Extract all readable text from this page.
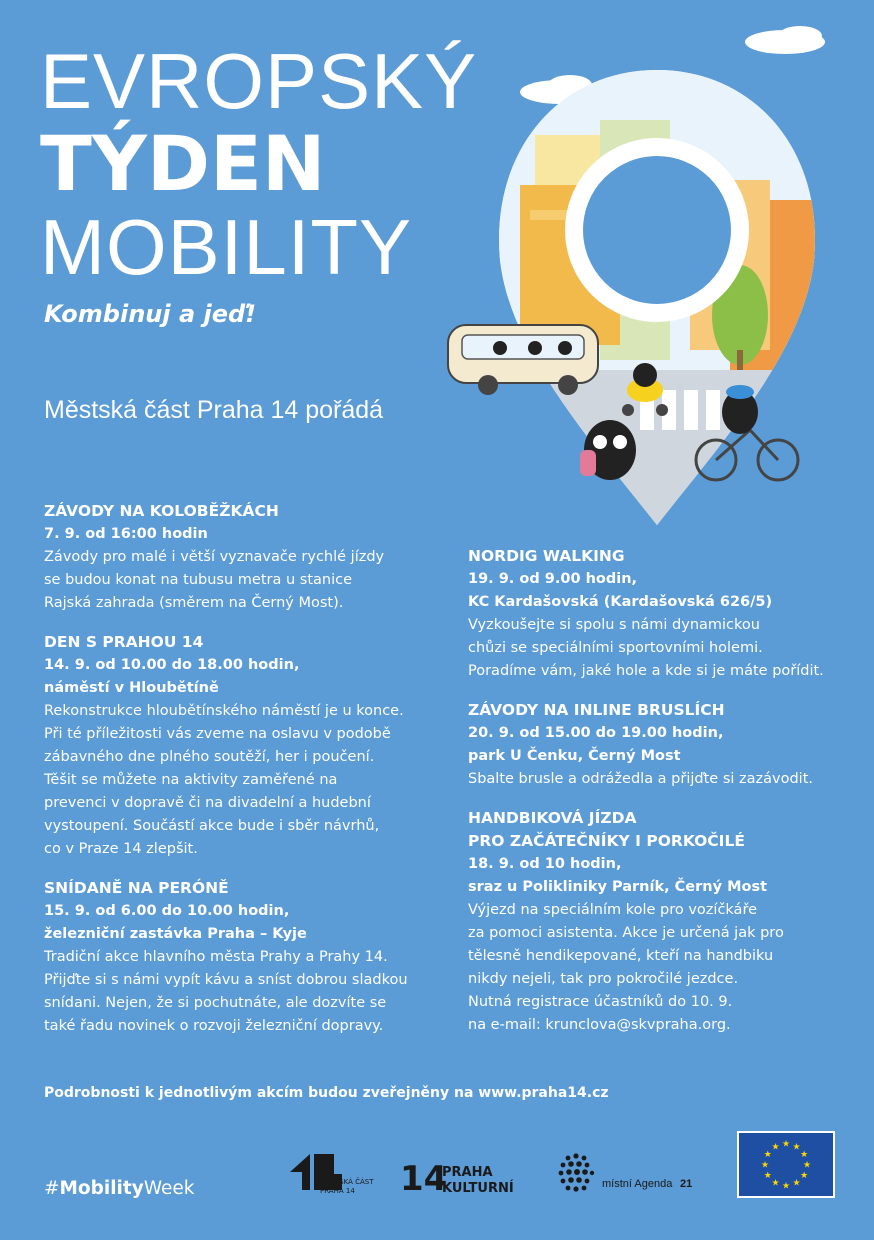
EVROPSKÝ
TÝDEN
MOBILITY
Kombinuj a jeď!
Městská část Praha 14 pořádá
ZÁVODY NA KOLOBĚŽKÁCH
7. 9. od 16:00 hodin
Závody pro malé i větší vyznavače rychlé jízdy
se budou konat na tubusu metra u stanice
Rajská zahrada (směrem na Černý Most).
DEN S PRAHOU 14
14. 9. od 10.00 do 18.00 hodin,
náměstí v Hloubětíně
Rekonstrukce hloubětínského náměstí je u konce.
Při té příležitosti vás zveme na oslavu v podobě
zábavného dne plného soutěží, her i poučení.
Těšit se můžete na aktivity zaměřené na
prevenci v dopravě či na divadelní a hudební
vystoupení. Součástí akce bude i sběr návrhů,
co v Praze 14 zlepšit.
SNÍDANĚ NA PERÓNĚ
15. 9. od 6.00 do 10.00 hodin,
železniční zastávka Praha – Kyje
Tradiční akce hlavního města Prahy a Prahy 14.
Přijďte si s námi vypít kávu a sníst dobrou sladkou
snídani. Nejen, že si pochutnáte, ale dozvíte se
také řadu novinek o rozvoji železniční dopravy.
NORDIG WALKING
19. 9. od 9.00 hodin,
KC Kardašovská (Kardašovská 626/5)
Vyzkoušejte si spolu s námi dynamickou
chůzi se speciálními sportovními holemi.
Poradíme vám, jaké hole a kde si je máte pořídit.
ZÁVODY NA INLINE BRUSLÍCH
20. 9. od 15.00 do 19.00 hodin,
park U Čenku, Černý Most
Sbalte brusle a odrážedla a přijďte si zazávodit.
HANDBIKOVÁ JÍZDA
PRO ZAČÁTEČNÍKY I PORKOČILÉ
18. 9. od 10 hodin,
sraz u Polikliniky Parník, Černý Most
Výjezd na speciálním kole pro vozíčkáře
za pomoci asistenta. Akce je určená jak pro
tělesně hendikepované, kteří na handbiku
nikdy nejeli, tak pro pokročilé jezdce.
Nutná registrace účastníků do 10. 9.
na e-mail: krunclova@skvpraha.org.
Podrobnosti k jednotlivým akcím budou zveřejněny na www.praha14.cz
#MobilityWeek	MĚSTSKÁ ČÁST
PRAHA 14 14
PRAHA
KULTURNÍ	místní Agenda 21
★ ★
★
★
★
★
★
★
★
★
★
★
